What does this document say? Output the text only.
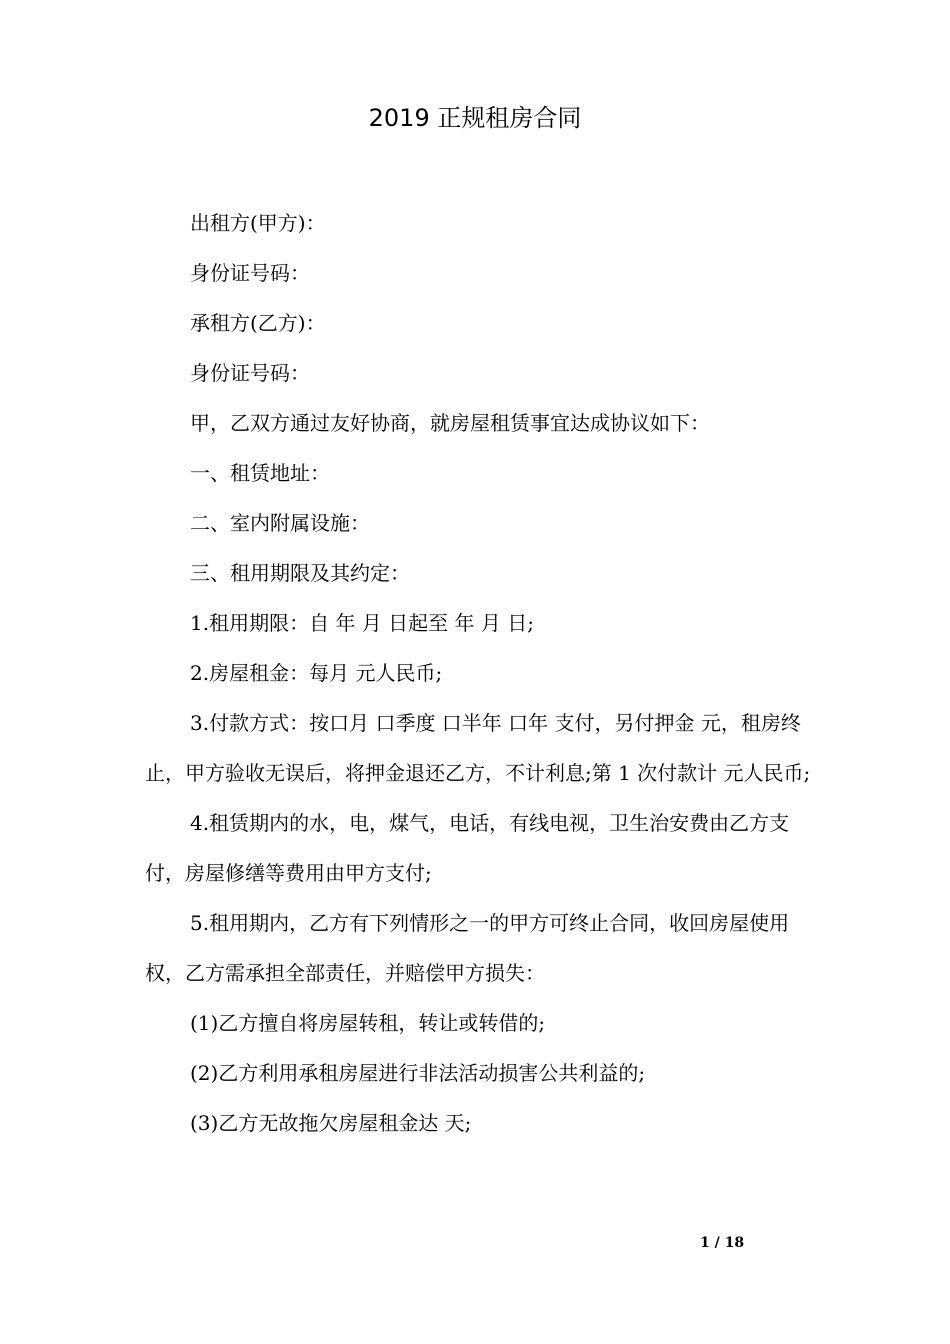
2019 正规租房合同

出租方(甲方)：

身份证号码：

承租方(乙方)：

身份证号码：

甲，乙双方通过友好协商，就房屋租赁事宜达成协议如下：

一、租赁地址：

二、室内附属设施：

三、租用期限及其约定：

1.租用期限：自 年 月 日起至 年 月 日;

2.房屋租金：每月 元人民币;

3.付款方式：按口月 口季度 口半年 口年 支付，另付押金 元，租房终止，甲方验收无误后，将押金退还乙方，不计利息;第 1 次付款计 元人民币;

4.租赁期内的水，电，煤气，电话，有线电视，卫生治安费由乙方支付，房屋修缮等费用由甲方支付;

5.租用期内，乙方有下列情形之一的甲方可终止合同，收回房屋使用权，乙方需承担全部责任，并赔偿甲方损失：

(1)乙方擅自将房屋转租，转让或转借的;

(2)乙方利用承租房屋进行非法活动损害公共利益的;

(3)乙方无故拖欠房屋租金达 天;

1 / 18
